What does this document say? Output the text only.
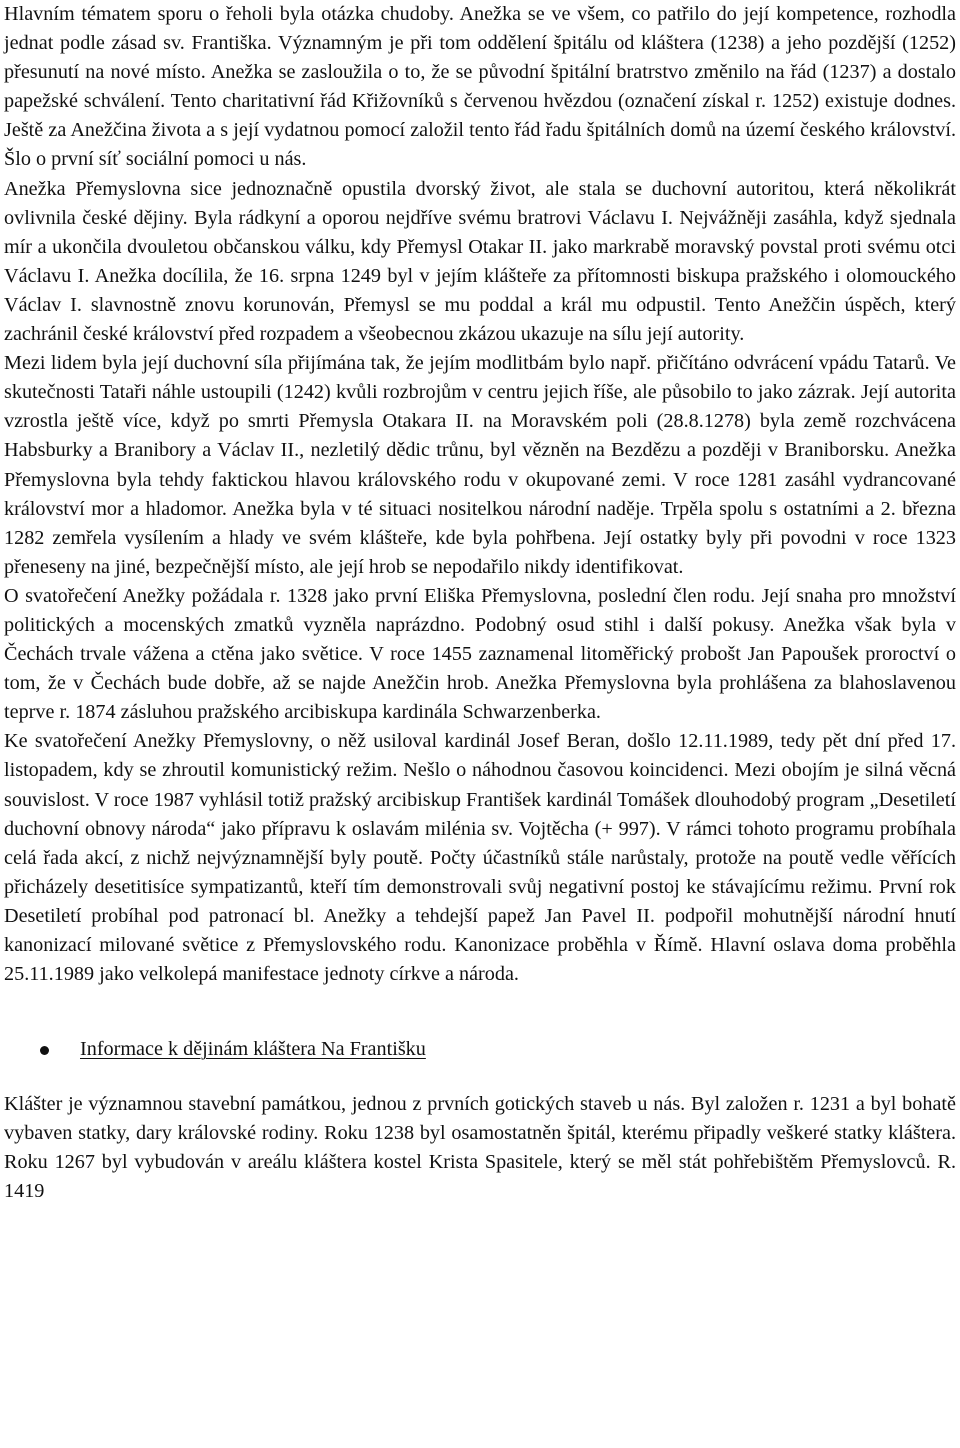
Hlavním tématem sporu o řeholi byla otázka chudoby. Anežka se ve všem, co patřilo do její kompetence, rozhodla jednat podle zásad sv. Františka. Významným je při tom oddělení špitálu od kláštera (1238) a jeho pozdější (1252) přesunutí na nové místo. Anežka se zasloužila o to, že se původní špitální bratrstvo změnilo na řád (1237) a dostalo papežské schválení. Tento charitativní řád Křižovníků s červenou hvězdou (označení získal r. 1252) existuje dodnes. Ještě za Anežčina života a s její vydatnou pomocí založil tento řád řadu špitálních domů na území českého království. Šlo o první síť sociální pomoci u nás.

Anežka Přemyslovna sice jednoznačně opustila dvorský život, ale stala se duchovní autoritou, která několikrát ovlivnila české dějiny. Byla rádkyní a oporou nejdříve svému bratrovi Václavu I. Nejvážněji zasáhla, když sjednala mír a ukončila dvouletou občanskou válku, kdy Přemysl Otakar II. jako markrabě moravský povstal proti svému otci Václavu I. Anežka docílila, že 16. srpna 1249 byl v jejím klášteře za přítomnosti biskupa pražského i olomouckého Václav I. slavnostně znovu korunován, Přemysl se mu poddal a král mu odpustil. Tento Anežčin úspěch, který zachránil české království před rozpadem a všeobecnou zkázou ukazuje na sílu její autority.

Mezi lidem byla její duchovní síla přijímána tak, že jejím modlitbám bylo např. přičítáno odvrácení vpádu Tatarů. Ve skutečnosti Tataři náhle ustoupili (1242) kvůli rozbrojům v centru jejich říše, ale působilo to jako zázrak. Její autorita vzrostla ještě více, když po smrti Přemysla Otakara II. na Moravském poli (28.8.1278) byla země rozchvácena Habsburky a Branibory a Václav II., nezletilý dědic trůnu, byl vězněn na Bezdězu a později v Braniborsku. Anežka Přemyslovna byla tehdy faktickou hlavou královského rodu v okupované zemi. V roce 1281 zasáhl vydrancované království mor a hladomor. Anežka byla v té situaci nositelkou národní naděje. Trpěla spolu s ostatními a 2. března 1282 zemřela vysílením a hlady ve svém klášteře, kde byla pohřbena. Její ostatky byly při povodni v roce 1323 přeneseny na jiné, bezpečnější místo, ale její hrob se nepodařilo nikdy identifikovat.

O svatořečení Anežky požádala r. 1328 jako první Eliška Přemyslovna, poslední člen rodu. Její snaha pro množství politických a mocenských zmatků vyzněla naprázdno. Podobný osud stihl i další pokusy. Anežka však byla v Čechách trvale vážena a ctěna jako světice. V roce 1455 zaznamenal litoměřický probošt Jan Papoušek proroctví o tom, že v Čechách bude dobře, až se najde Anežčin hrob. Anežka Přemyslovna byla prohlášena za blahoslavenou teprve r. 1874 zásluhou pražského arcibiskupa kardinála Schwarzenberka.

Ke svatořečení Anežky Přemyslovny, o něž usiloval kardinál Josef Beran, došlo 12.11.1989, tedy pět dní před 17. listopadem, kdy se zhroutil komunistický režim. Nešlo o náhodnou časovou koincidenci. Mezi obojím je silná věcná souvislost. V roce 1987 vyhlásil totiž pražský arcibiskup František kardinál Tomášek dlouhodobý program „Desetiletí duchovní obnovy národa“ jako přípravu k oslavám milénia sv. Vojtěcha (+ 997). V rámci tohoto programu probíhala celá řada akcí, z nichž nejvýznamnější byly poutě. Počty účastníků stále narůstaly, protože na poutě vedle věřících přicházely desetitisíce sympatizantů, kteří tím demonstrovali svůj negativní postoj ke stávajícímu režimu. První rok Desetiletí probíhal pod patronací bl. Anežky a tehdejší papež Jan Pavel II. podpořil mohutnější národní hnutí kanonizací milované světice z Přemyslovského rodu. Kanonizace proběhla v Římě. Hlavní oslava doma proběhla 25.11.1989 jako velkolepá manifestace jednoty církve a národa.

Informace k dějinám kláštera Na Františku

Klášter je významnou stavební památkou, jednou z prvních gotických staveb u nás. Byl založen r. 1231 a byl bohatě vybaven statky, dary královské rodiny. Roku 1238 byl osamostatněn špitál, kterému připadly veškeré statky kláštera. Roku 1267 byl vybudován v areálu kláštera kostel Krista Spasitele, který se měl stát pohřebištěm Přemyslovců. R. 1419
